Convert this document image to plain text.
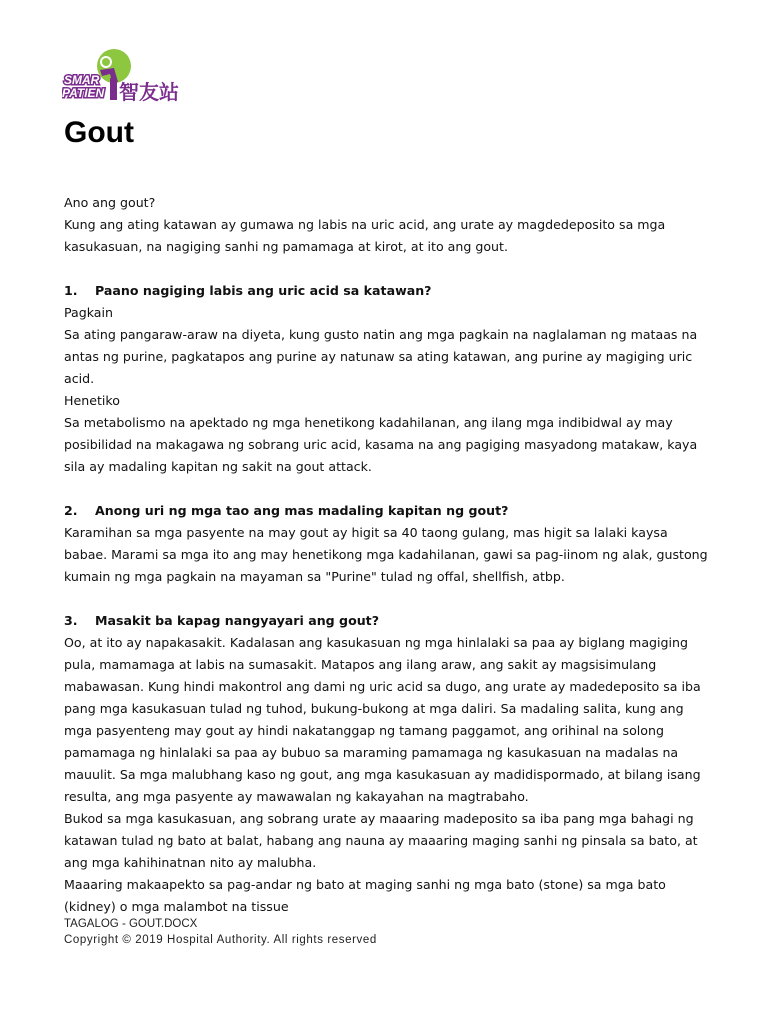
SMAR
PATIEN 智友站
Gout

Ano ang gout?

Kung ang ating katawan ay gumawa ng labis na uric acid, ang urate ay magdedeposito sa mga kasukasuan, na nagiging sanhi ng pamamaga at kirot, at ito ang gout.

1. Paano nagiging labis ang uric acid sa katawan?

Pagkain

Sa ating pangaraw-araw na diyeta, kung gusto natin ang mga pagkain na naglalaman ng mataas na antas ng purine, pagkatapos ang purine ay natunaw sa ating katawan, ang purine ay magiging uric acid.

Henetiko

Sa metabolismo na apektado ng mga henetikong kadahilanan, ang ilang mga indibidwal ay may posibilidad na makagawa ng sobrang uric acid, kasama na ang pagiging masyadong matakaw, kaya sila ay madaling kapitan ng sakit na gout attack.

2. Anong uri ng mga tao ang mas madaling kapitan ng gout?

Karamihan sa mga pasyente na may gout ay higit sa 40 taong gulang, mas higit sa lalaki kaysa babae. Marami sa mga ito ang may henetikong mga kadahilanan, gawi sa pag-iinom ng alak, gustong kumain ng mga pagkain na mayaman sa "Purine" tulad ng offal, shellfish, atbp.

3. Masakit ba kapag nangyayari ang gout?

Oo, at ito ay napakasakit. Kadalasan ang kasukasuan ng mga hinlalaki sa paa ay biglang magiging pula, mamamaga at labis na sumasakit. Matapos ang ilang araw, ang sakit ay magsisimulang mabawasan. Kung hindi makontrol ang dami ng uric acid sa dugo, ang urate ay madedeposito sa iba pang mga kasukasuan tulad ng tuhod, bukung-bukong at mga daliri. Sa madaling salita, kung ang mga pasyenteng may gout ay hindi nakatanggap ng tamang paggamot, ang orihinal na solong pamamaga ng hinlalaki sa paa ay bubuo sa maraming pamamaga ng kasukasuan na madalas na mauulit. Sa mga malubhang kaso ng gout, ang mga kasukasuan ay madidispormado, at bilang isang resulta, ang mga pasyente ay mawawalan ng kakayahan na magtrabaho.

Bukod sa mga kasukasuan, ang sobrang urate ay maaaring madeposito sa iba pang mga bahagi ng katawan tulad ng bato at balat, habang ang nauna ay maaaring maging sanhi ng pinsala sa bato, at ang mga kahihinatnan nito ay malubha.

Maaaring makaapekto sa pag-andar ng bato at maging sanhi ng mga bato (stone) sa mga bato (kidney) o mga malambot na tissue

TAGALOG - GOUT.DOCX
Copyright © 2019 Hospital Authority. All rights reserved
